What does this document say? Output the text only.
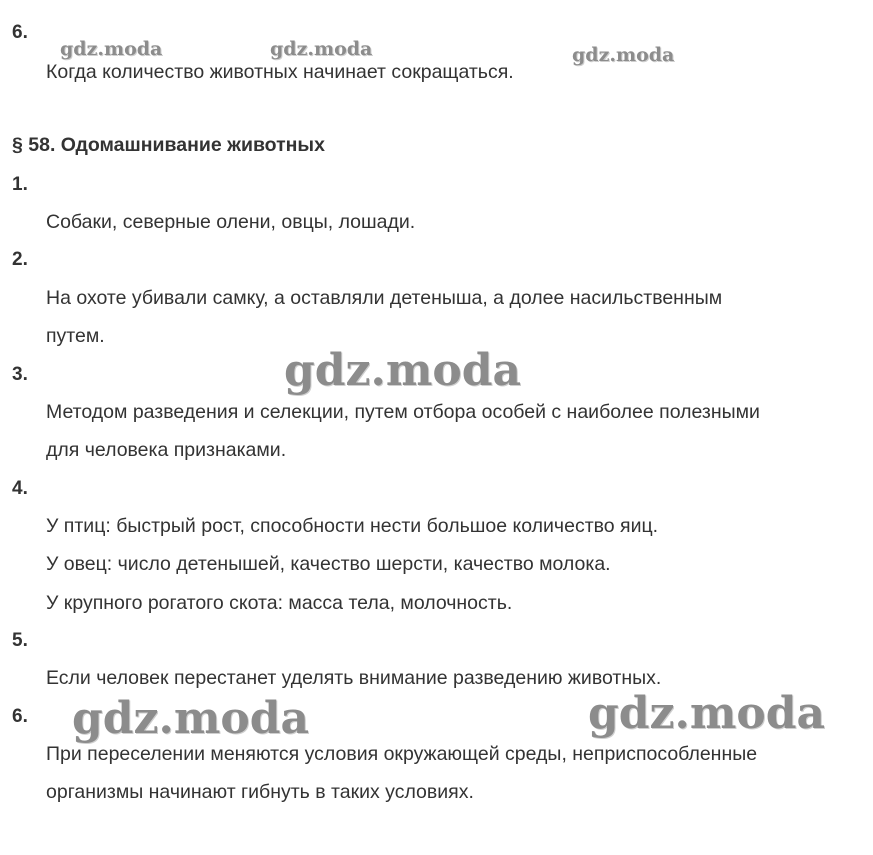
6.
Когда количество животных начинает сокращаться.
§ 58. Одомашнивание животных
1.
Собаки, северные олени, овцы, лошади.
2.
На охоте убивали самку, а оставляли детеныша, а долее насильственным
путем.
3.
Методом разведения и селекции, путем отбора особей с наиболее полезными
для человека признаками.
4.
У птиц: быстрый рост, способности нести большое количество яиц.
У овец: число детенышей, качество шерсти, качество молока.
У крупного рогатого скота: масса тела, молочность.
5.
Если человек перестанет уделять внимание разведению животных.
6.
При переселении меняются условия окружающей среды, неприспособленные
организмы начинают гибнуть в таких условиях.
gdz.moda	gdz.moda	gdz.moda
gdz.moda
gdz.moda	gdz.moda
